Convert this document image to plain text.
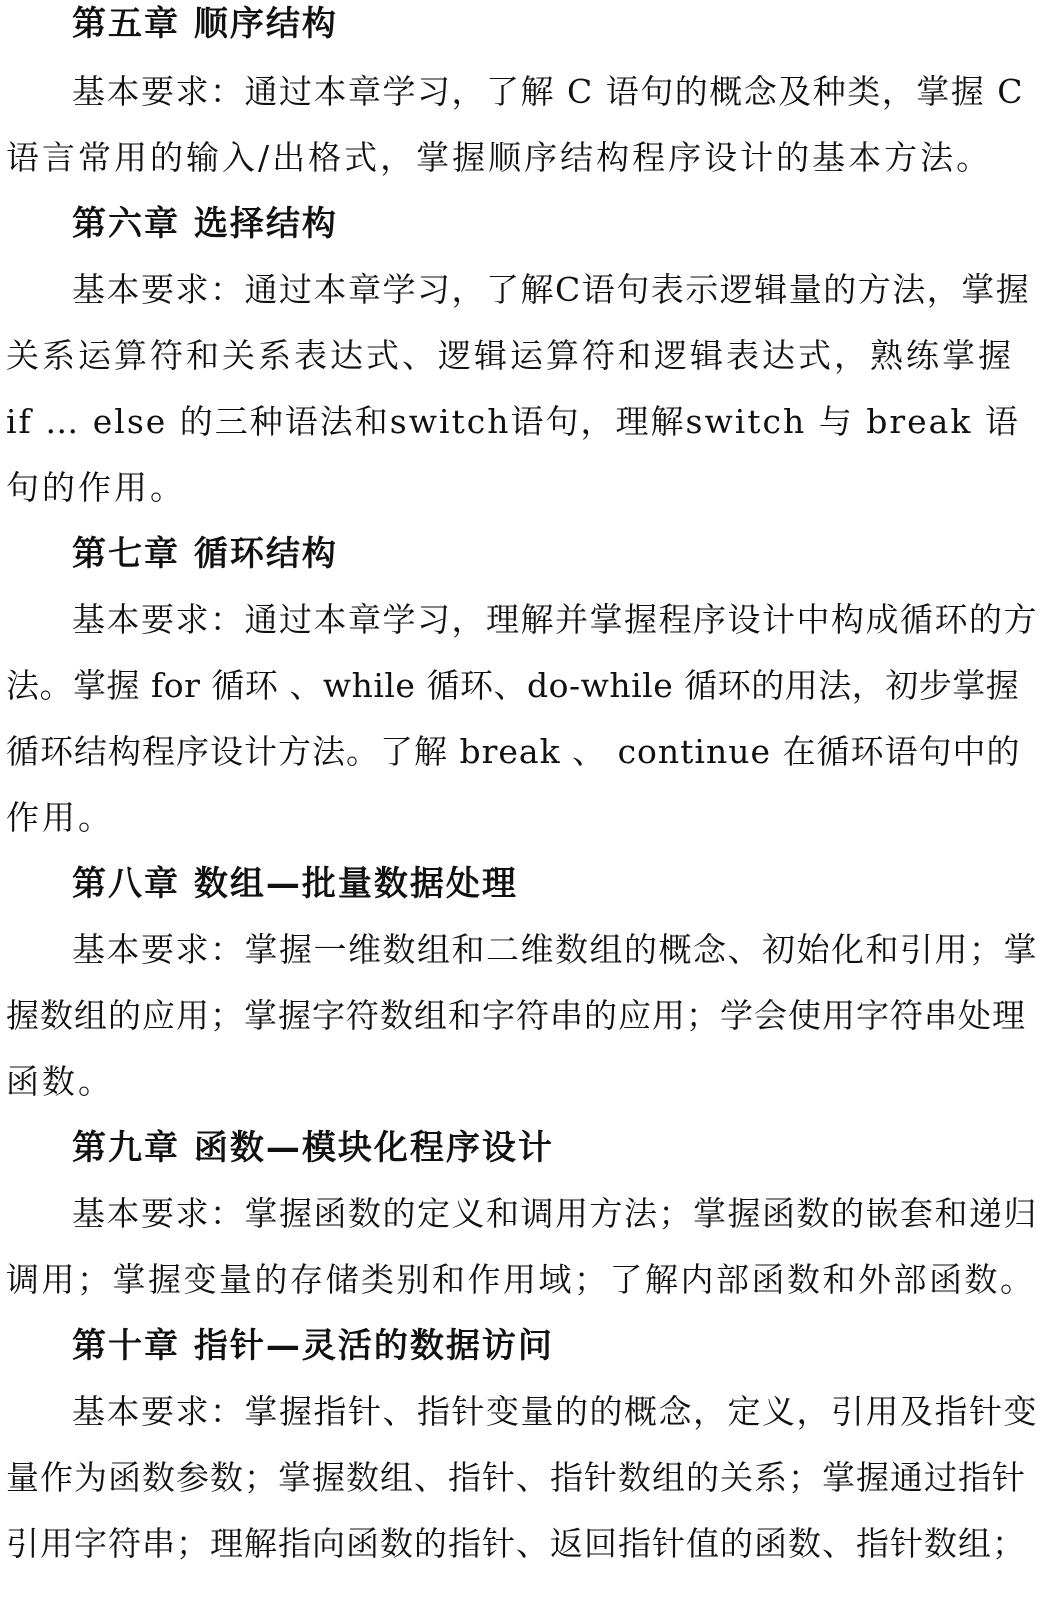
第五章 顺序结构
基本要求：通过本章学习，了解 C 语句的概念及种类，掌握 C
语言常用的输入/出格式，掌握顺序结构程序设计的基本方法。
第六章 选择结构
基本要求：通过本章学习，了解C语句表示逻辑量的方法，掌握
关系运算符和关系表达式、逻辑运算符和逻辑表达式，熟练掌握
if … else 的三种语法和switch语句，理解switch 与 break 语
句的作用。
第七章 循环结构
基本要求：通过本章学习，理解并掌握程序设计中构成循环的方
法。掌握 for 循环 、while 循环、do-while 循环的用法，初步掌握
循环结构程序设计方法。了解 break 、 continue 在循环语句中的
作用。
第八章 数组—批量数据处理
基本要求：掌握一维数组和二维数组的概念、初始化和引用；掌
握数组的应用；掌握字符数组和字符串的应用；学会使用字符串处理
函数。
第九章 函数—模块化程序设计
基本要求：掌握函数的定义和调用方法；掌握函数的嵌套和递归
调用；掌握变量的存储类别和作用域；了解内部函数和外部函数。
第十章 指针—灵活的数据访问
基本要求：掌握指针、指针变量的的概念，定义，引用及指针变
量作为函数参数；掌握数组、指针、指针数组的关系；掌握通过指针
引用字符串；理解指向函数的指针、返回指针值的函数、指针数组；
